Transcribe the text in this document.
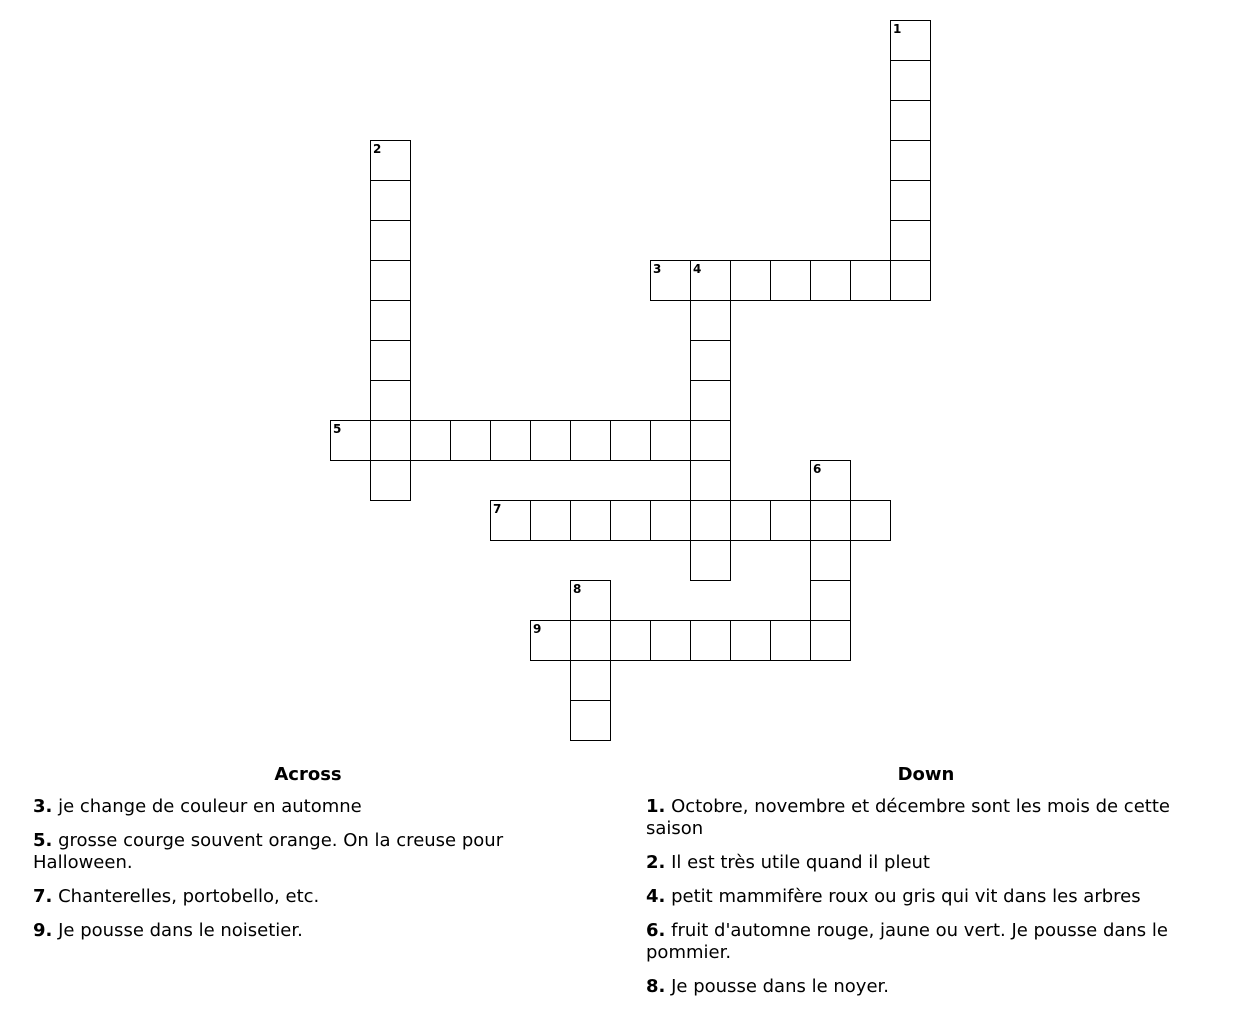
1
2
3	4
5
6
7
8
9
Across
3. je change de couleur en automne
5. grosse courge souvent orange. On la creuse pour Halloween.
7. Chanterelles, portobello, etc.
9. Je pousse dans le noisetier.
Down
1. Octobre, novembre et décembre sont les mois de cette saison
2. Il est très utile quand il pleut
4. petit mammifère roux ou gris qui vit dans les arbres
6. fruit d'automne rouge, jaune ou vert. Je pousse dans le pommier.
8. Je pousse dans le noyer.
